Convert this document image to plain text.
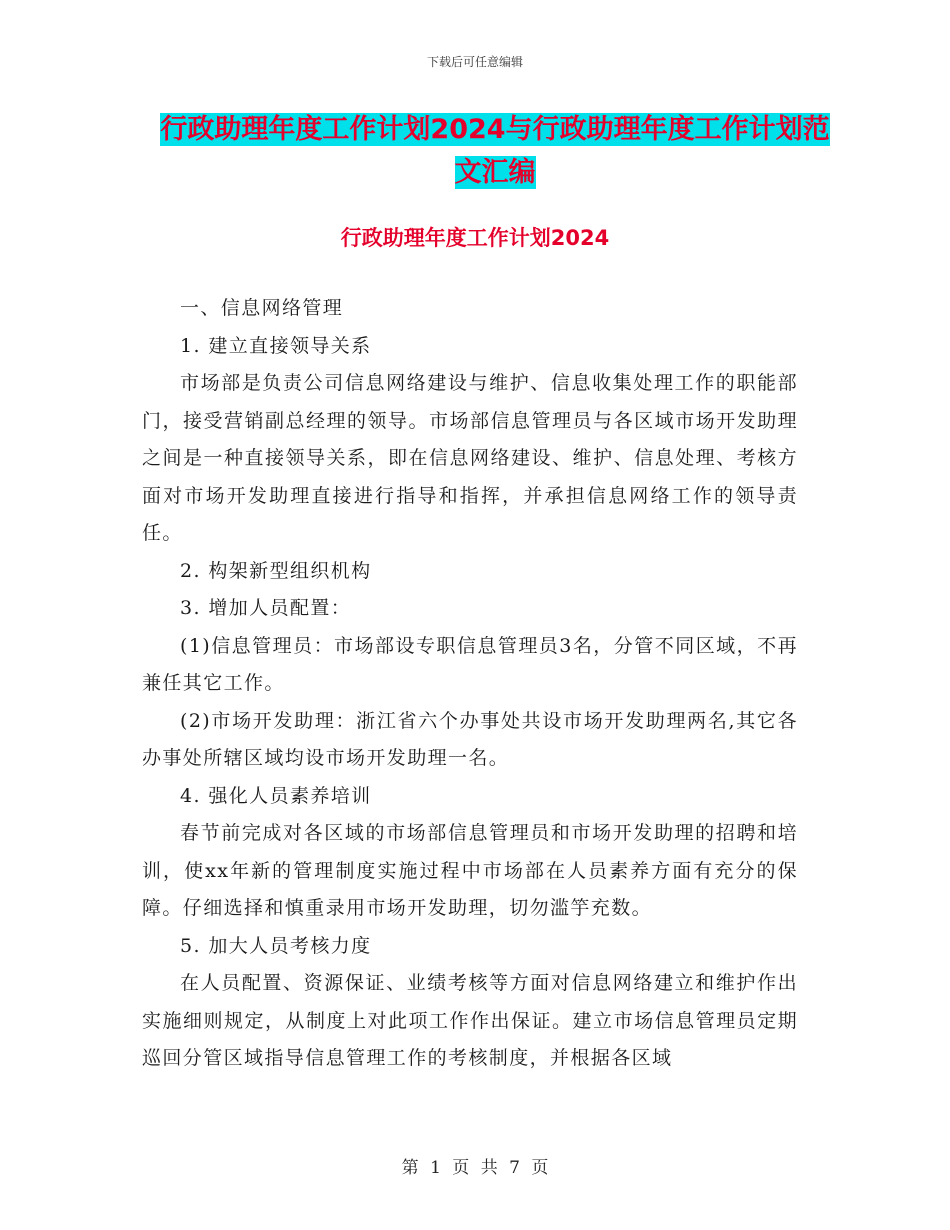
下载后可任意编辑
行政助理年度工作计划2024与行政助理年度工作计划范文汇编
行政助理年度工作计划2024

一、信息网络管理

1. 建立直接领导关系

市场部是负责公司信息网络建设与维护、信息收集处理工作的职能部门，接受营销副总经理的领导。市场部信息管理员与各区域市场开发助理之间是一种直接领导关系，即在信息网络建设、维护、信息处理、考核方面对市场开发助理直接进行指导和指挥，并承担信息网络工作的领导责任。

2. 构架新型组织机构

3. 增加人员配置：

(1)信息管理员：市场部设专职信息管理员3名，分管不同区域，不再兼任其它工作。

(2)市场开发助理：浙江省六个办事处共设市场开发助理两名,其它各办事处所辖区域均设市场开发助理一名。

4. 强化人员素养培训

春节前完成对各区域的市场部信息管理员和市场开发助理的招聘和培训，使xx年新的管理制度实施过程中市场部在人员素养方面有充分的保障。仔细选择和慎重录用市场开发助理，切勿滥竽充数。

5. 加大人员考核力度

在人员配置、资源保证、业绩考核等方面对信息网络建立和维护作出实施细则规定，从制度上对此项工作作出保证。建立市场信息管理员定期巡回分管区域指导信息管理工作的考核制度，并根据各区域

第 1 页 共 7 页
